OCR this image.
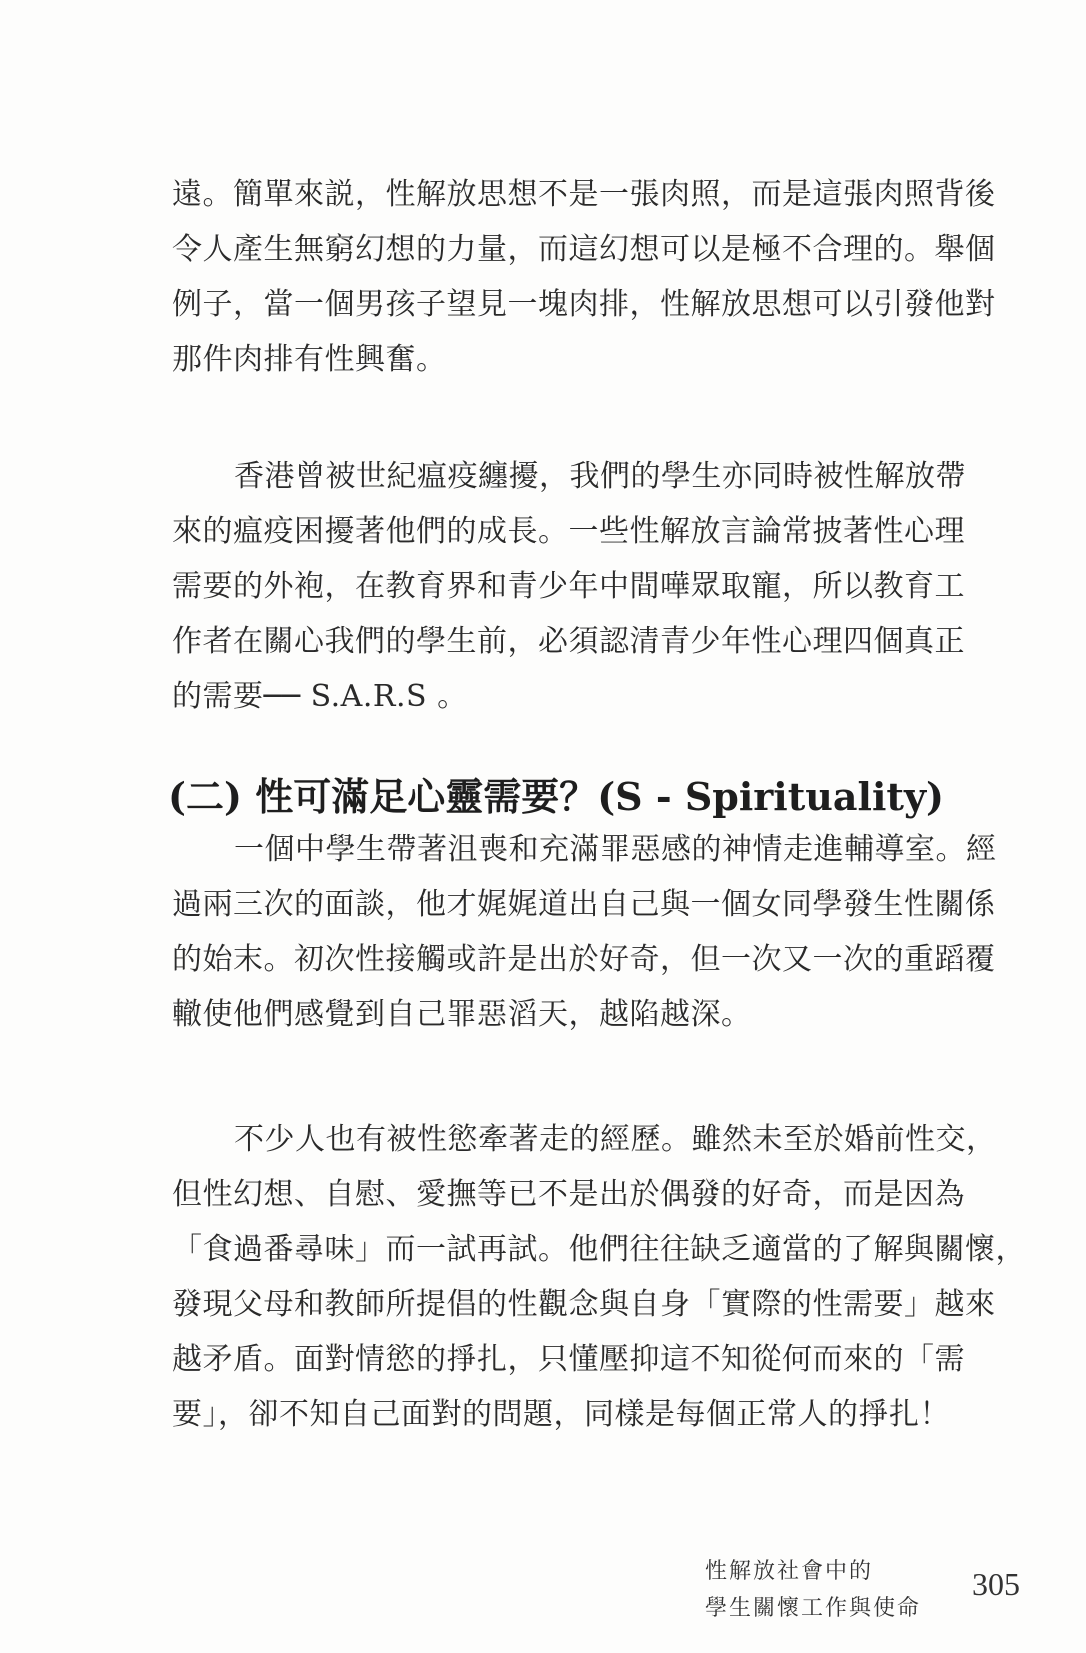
遠。簡單來説，性解放思想不是一張肉照，而是這張肉照背後
令人產生無窮幻想的力量，而這幻想可以是極不合理的。舉個
例子，當一個男孩子望見一塊肉排，性解放思想可以引發他對
那件肉排有性興奮。
香港曾被世紀瘟疫纏擾，我們的學生亦同時被性解放帶
來的瘟疫困擾著他們的成長。一些性解放言論常披著性心理
需要的外袍，在教育界和青少年中間嘩眾取寵，所以教育工
作者在關心我們的學生前，必須認清青少年性心理四個真正
的需要── S.A.R.S 。
(二) 性可滿足心靈需要？(S - Spirituality)
一個中學生帶著沮喪和充滿罪惡感的神情走進輔導室。經
過兩三次的面談，他才娓娓道出自己與一個女同學發生性關係
的始末。初次性接觸或許是出於好奇，但一次又一次的重蹈覆
轍使他們感覺到自己罪惡滔天，越陷越深。
不少人也有被性慾牽著走的經歷。雖然未至於婚前性交，
但性幻想、自慰、愛撫等已不是出於偶發的好奇，而是因為
「食過番尋味」而一試再試。他們往往缺乏適當的了解與關懷，
發現父母和教師所提倡的性觀念與自身「實際的性需要」越來
越矛盾。面對情慾的掙扎，只懂壓抑這不知從何而來的「需
要」，卻不知自己面對的問題，同樣是每個正常人的掙扎！
性解放社會中的
學生關懷工作與使命
305
